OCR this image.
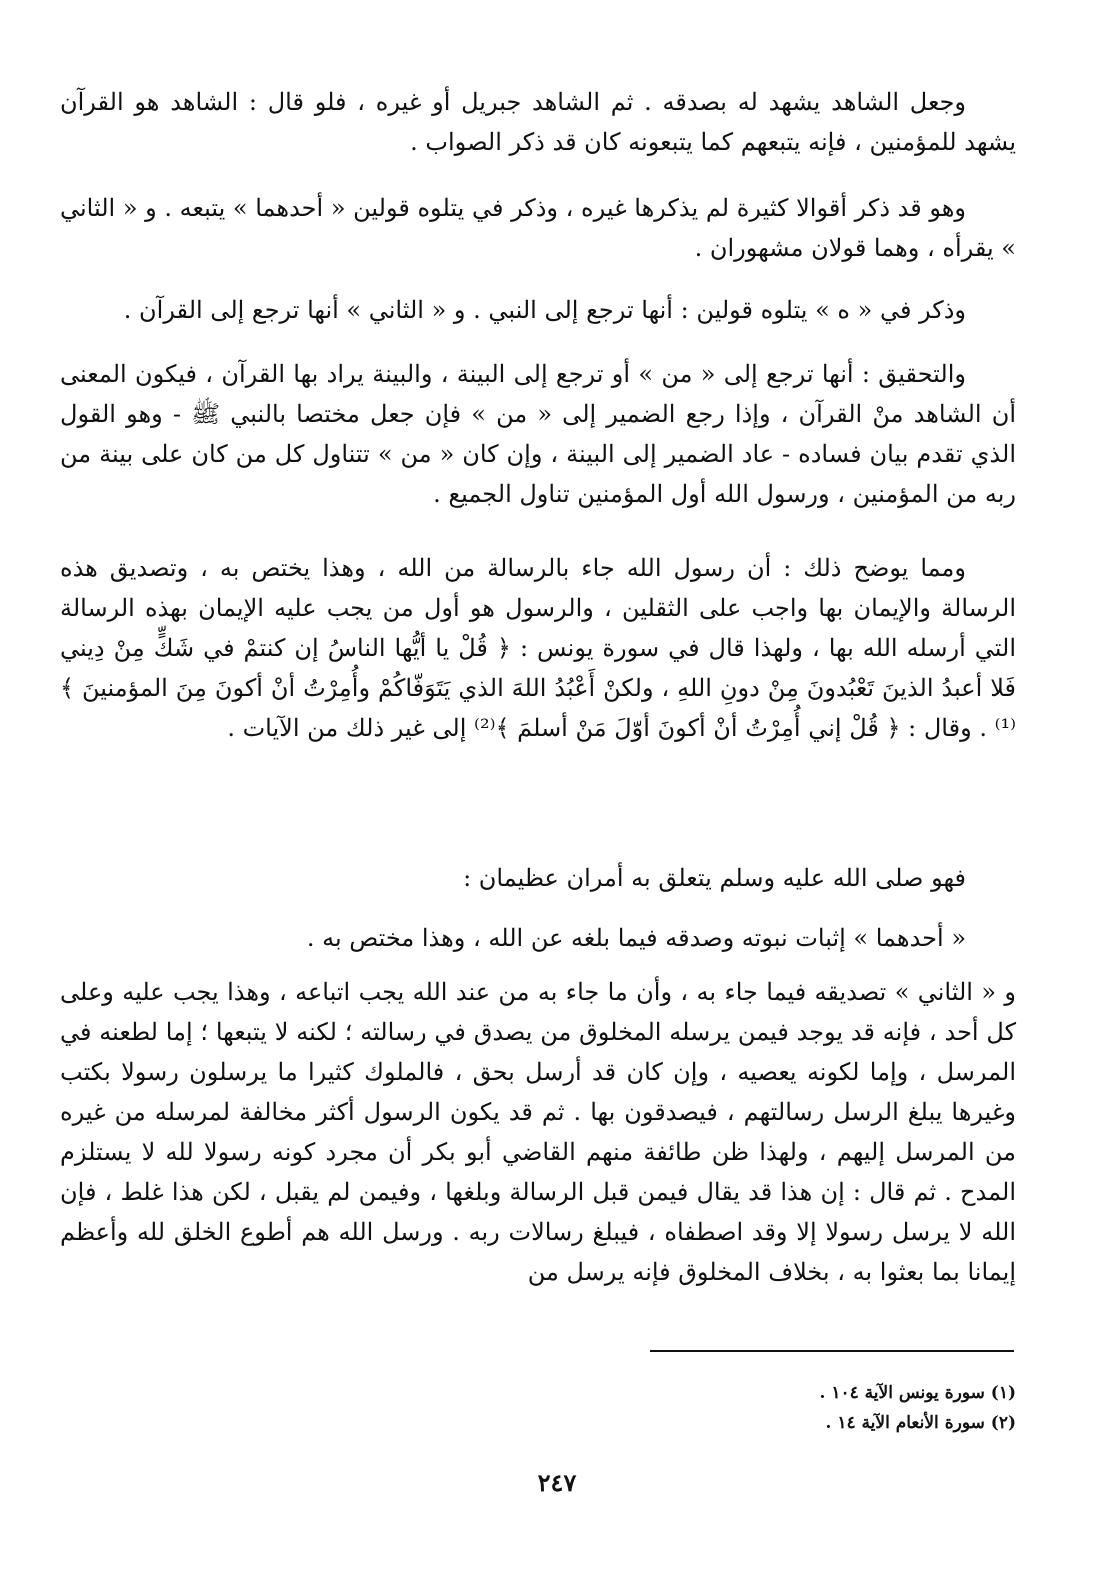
وجعل الشاهد يشهد له بصدقه . ثم الشاهد جبريل أو غيره ، فلو قال : الشاهد هو القرآن يشهد للمؤمنين ، فإنه يتبعهم كما يتبعونه كان قد ذكر الصواب .

وهو قد ذكر أقوالا كثيرة لم يذكرها غيره ، وذكر في يتلوه قولين « أحدهما » يتبعه . و « الثاني » يقرأه ، وهما قولان مشهوران .

وذكر في « ه » يتلوه قولين : أنها ترجع إلى النبي . و « الثاني » أنها ترجع إلى القرآن .

والتحقيق : أنها ترجع إلى « من » أو ترجع إلى البينة ، والبينة يراد بها القرآن ، فيكون المعنى أن الشاهد منْ القرآن ، وإذا رجع الضمير إلى « من » فإن جعل مختصا بالنبي ﷺ - وهو القول الذي تقدم بيان فساده - عاد الضمير إلى البينة ، وإن كان « من » تتناول كل من كان على بينة من ربه من المؤمنين ، ورسول الله أول المؤمنين تناول الجميع .

ومما يوضح ذلك : أن رسول الله جاء بالرسالة من الله ، وهذا يختص به ، وتصديق هذه الرسالة والإيمان بها واجب على الثقلين ، والرسول هو أول من يجب عليه الإيمان بهذه الرسالة التي أرسله الله بها ، ولهذا قال في سورة يونس : ﴿ قُلْ يا أيُّها الناسُ إن كنتمْ في شَكٍّ مِنْ دِيني فَلا أعبدُ الذينَ تَعْبُدونَ مِنْ دونِ اللهِ ، ولكنْ أَعْبُدُ اللهَ الذي يَتَوَفّاكُمْ وأُمِرْتُ أنْ أكونَ مِنَ المؤمنينَ ﴾⁽¹⁾ . وقال : ﴿ قُلْ إني أُمِرْتُ أنْ أكونَ أوّلَ مَنْ أسلمَ ﴾⁽²⁾ إلى غير ذلك من الآيات .

فهو صلى الله عليه وسلم يتعلق به أمران عظيمان :

« أحدهما » إثبات نبوته وصدقه فيما بلغه عن الله ، وهذا مختص به .

و « الثاني » تصديقه فيما جاء به ، وأن ما جاء به من عند الله يجب اتباعه ، وهذا يجب عليه وعلى كل أحد ، فإنه قد يوجد فيمن يرسله المخلوق من يصدق في رسالته ؛ لكنه لا يتبعها ؛ إما لطعنه في المرسل ، وإما لكونه يعصيه ، وإن كان قد أرسل بحق ، فالملوك كثيرا ما يرسلون رسولا بكتب وغيرها يبلغ الرسل رسالتهم ، فيصدقون بها . ثم قد يكون الرسول أكثر مخالفة لمرسله من غيره من المرسل إليهم ، ولهذا ظن طائفة منهم القاضي أبو بكر أن مجرد كونه رسولا لله لا يستلزم المدح . ثم قال : إن هذا قد يقال فيمن قبل الرسالة وبلغها ، وفيمن لم يقبل ، لكن هذا غلط ، فإن الله لا يرسل رسولا إلا وقد اصطفاه ، فيبلغ رسالات ربه . ورسل الله هم أطوع الخلق لله وأعظم إيمانا بما بعثوا به ، بخلاف المخلوق فإنه يرسل من

(١) سورة يونس الآية ١٠٤ .

(٢) سورة الأنعام الآية ١٤ .

٢٤٧
